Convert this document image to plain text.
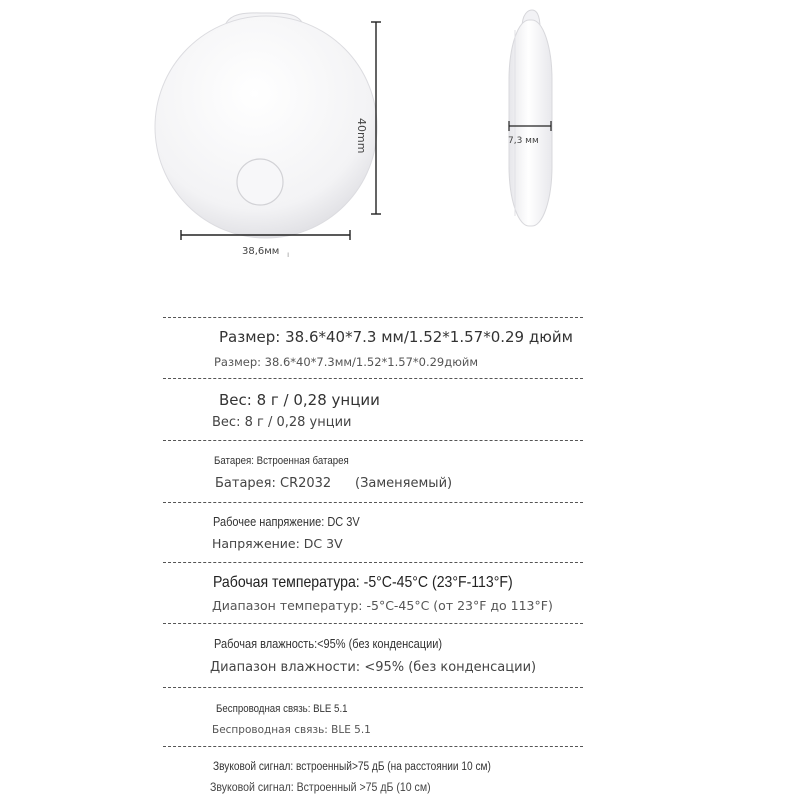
40mm
38,6мм ı
7,3 мм
Размер: 38.6*40*7.3 мм/1.52*1.57*0.29 дюйм
Размер: 38.6*40*7.3мм/1.52*1.57*0.29дюйм
Вес: 8 г / 0,28 унции
Вес: 8 г / 0,28 унции
Батарея: Встроенная батарея
Батарея: CR2032 (Заменяемый)
Рабочее напряжение: DC 3V
Напряжение: DC 3V
Рабочая температура: -5°C-45°C (23°F-113°F)
Диапазон температур: -5°C-45°C (от 23°F до 113°F)
Рабочая влажность:<95% (без конденсации)
Диапазон влажности: <95% (без конденсации)
Беспроводная связь: BLE 5.1
Беспроводная связь: BLE 5.1
Звуковой сигнал: встроенный>75 дБ (на расстоянии 10 см)
Звуковой сигнал: Встроенный >75 дБ (10 см)
